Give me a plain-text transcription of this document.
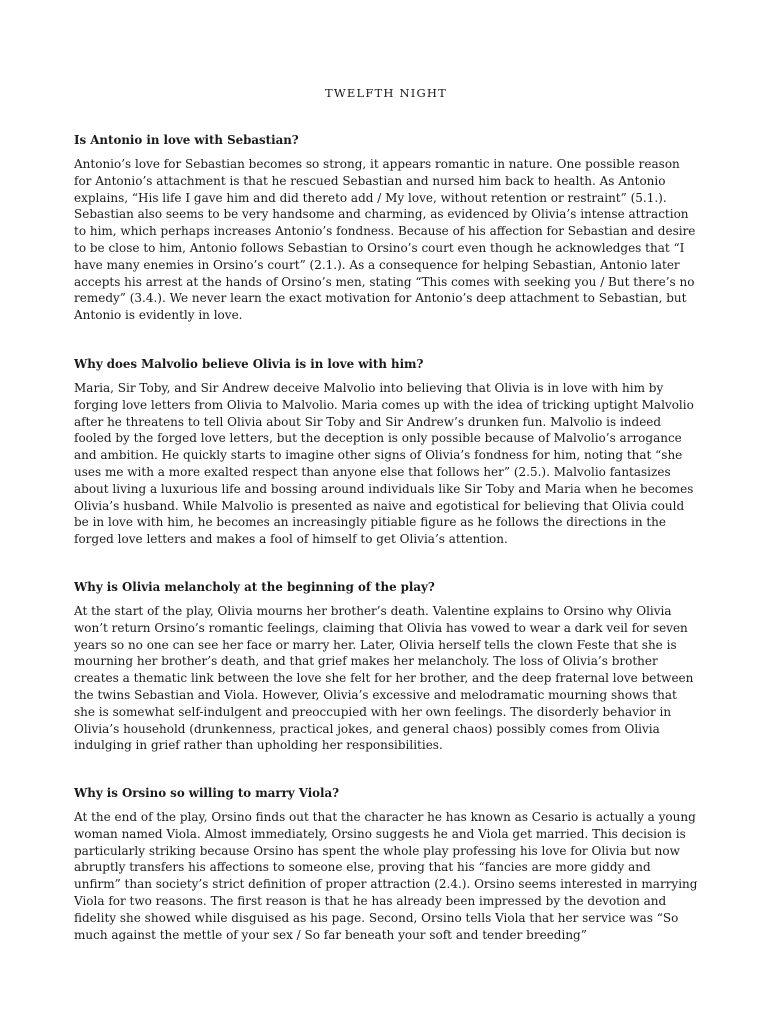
TWELFTH NIGHT

Is Antonio in love with Sebastian?

Antonio’s love for Sebastian becomes so strong, it appears romantic in nature. One possible reason for Antonio’s attachment is that he rescued Sebastian and nursed him back to health. As Antonio explains, “His life I gave him and did thereto add / My love, without retention or restraint” (5.1.). Sebastian also seems to be very handsome and charming, as evidenced by Olivia’s intense attraction to him, which perhaps increases Antonio’s fondness. Because of his affection for Sebastian and desire to be close to him, Antonio follows Sebastian to Orsino’s court even though he acknowledges that “I have many enemies in Orsino’s court” (2.1.). As a consequence for helping Sebastian, Antonio later accepts his arrest at the hands of Orsino’s men, stating “This comes with seeking you / But there’s no remedy” (3.4.). We never learn the exact motivation for Antonio’s deep attachment to Sebastian, but Antonio is evidently in love.

Why does Malvolio believe Olivia is in love with him?

Maria, Sir Toby, and Sir Andrew deceive Malvolio into believing that Olivia is in love with him by forging love letters from Olivia to Malvolio. Maria comes up with the idea of tricking uptight Malvolio after he threatens to tell Olivia about Sir Toby and Sir Andrew’s drunken fun. Malvolio is indeed fooled by the forged love letters, but the deception is only possible because of Malvolio’s arrogance and ambition. He quickly starts to imagine other signs of Olivia’s fondness for him, noting that “she uses me with a more exalted respect than anyone else that follows her” (2.5.). Malvolio fantasizes about living a luxurious life and bossing around individuals like Sir Toby and Maria when he becomes Olivia’s husband. While Malvolio is presented as naive and egotistical for believing that Olivia could be in love with him, he becomes an increasingly pitiable figure as he follows the directions in the forged love letters and makes a fool of himself to get Olivia’s attention.

Why is Olivia melancholy at the beginning of the play?

At the start of the play, Olivia mourns her brother’s death. Valentine explains to Orsino why Olivia won’t return Orsino’s romantic feelings, claiming that Olivia has vowed to wear a dark veil for seven years so no one can see her face or marry her. Later, Olivia herself tells the clown Feste that she is mourning her brother’s death, and that grief makes her melancholy. The loss of Olivia’s brother creates a thematic link between the love she felt for her brother, and the deep fraternal love between the twins Sebastian and Viola. However, Olivia’s excessive and melodramatic mourning shows that she is somewhat self-indulgent and preoccupied with her own feelings. The disorderly behavior in Olivia’s household (drunkenness, practical jokes, and general chaos) possibly comes from Olivia indulging in grief rather than upholding her responsibilities.

Why is Orsino so willing to marry Viola?

At the end of the play, Orsino finds out that the character he has known as Cesario is actually a young woman named Viola. Almost immediately, Orsino suggests he and Viola get married. This decision is particularly striking because Orsino has spent the whole play professing his love for Olivia but now abruptly transfers his affections to someone else, proving that his “fancies are more giddy and unfirm” than society’s strict definition of proper attraction (2.4.). Orsino seems interested in marrying Viola for two reasons. The first reason is that he has already been impressed by the devotion and fidelity she showed while disguised as his page. Second, Orsino tells Viola that her service was “So much against the mettle of your sex / So far beneath your soft and tender breeding”
